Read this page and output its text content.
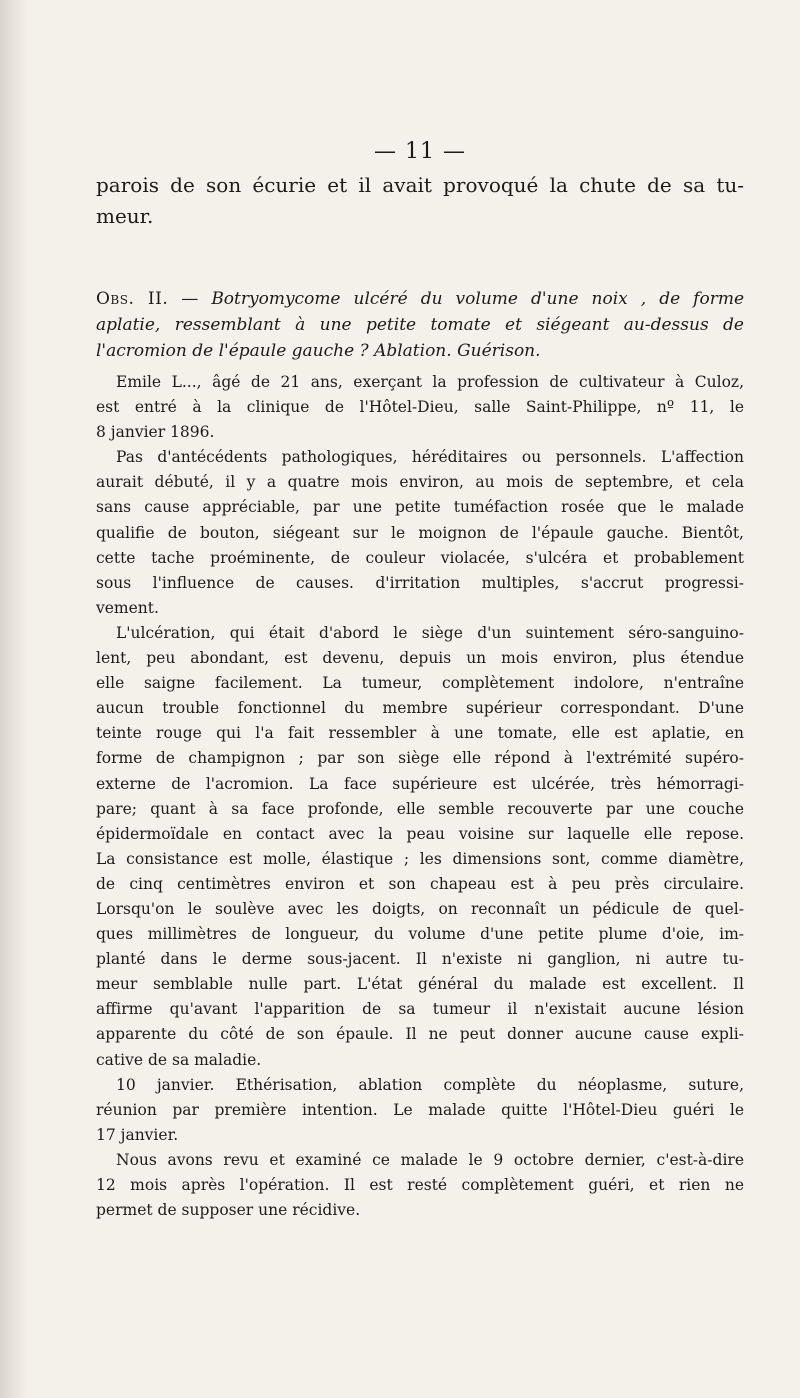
— 11 —
parois de son écurie et il avait provoqué la chute de sa tu-
meur.
Obs. II. — Botryomycome ulcéré du volume d'une noix , de forme
aplatie, ressemblant à une petite tomate et siégeant au-dessus de
l'acromion de l'épaule gauche ? Ablation. Guérison.
Emile L..., âgé de 21 ans, exerçant la profession de cultivateur à Culoz,
est entré à la clinique de l'Hôtel-Dieu, salle Saint-Philippe, nº 11, le
8 janvier 1896.
Pas d'antécédents pathologiques, héréditaires ou personnels. L'affection
aurait débuté, il y a quatre mois environ, au mois de septembre, et cela
sans cause appréciable, par une petite tuméfaction rosée que le malade
qualifie de bouton, siégeant sur le moignon de l'épaule gauche. Bientôt,
cette tache proéminente, de couleur violacée, s'ulcéra et probablement
sous l'influence de causes. d'irritation multiples, s'accrut progressi-
vement.
L'ulcération, qui était d'abord le siège d'un suintement séro-sanguino-
lent, peu abondant, est devenu, depuis un mois environ, plus étendue
elle saigne facilement. La tumeur, complètement indolore, n'entraîne
aucun trouble fonctionnel du membre supérieur correspondant. D'une
teinte rouge qui l'a fait ressembler à une tomate, elle est aplatie, en
forme de champignon ; par son siège elle répond à l'extrémité supéro-
externe de l'acromion. La face supérieure est ulcérée, très hémorragi-
pare; quant à sa face profonde, elle semble recouverte par une couche
épidermoïdale en contact avec la peau voisine sur laquelle elle repose.
La consistance est molle, élastique ; les dimensions sont, comme diamètre,
de cinq centimètres environ et son chapeau est à peu près circulaire.
Lorsqu'on le soulève avec les doigts, on reconnaît un pédicule de quel-
ques millimètres de longueur, du volume d'une petite plume d'oie, im-
planté dans le derme sous-jacent. Il n'existe ni ganglion, ni autre tu-
meur semblable nulle part. L'état général du malade est excellent. Il
affirme qu'avant l'apparition de sa tumeur il n'existait aucune lésion
apparente du côté de son épaule. Il ne peut donner aucune cause expli-
cative de sa maladie.
10 janvier. Ethérisation, ablation complète du néoplasme, suture,
réunion par première intention. Le malade quitte l'Hôtel-Dieu guéri le
17 janvier.
Nous avons revu et examiné ce malade le 9 octobre dernier, c'est-à-dire
12 mois après l'opération. Il est resté complètement guéri, et rien ne
permet de supposer une récidive.
